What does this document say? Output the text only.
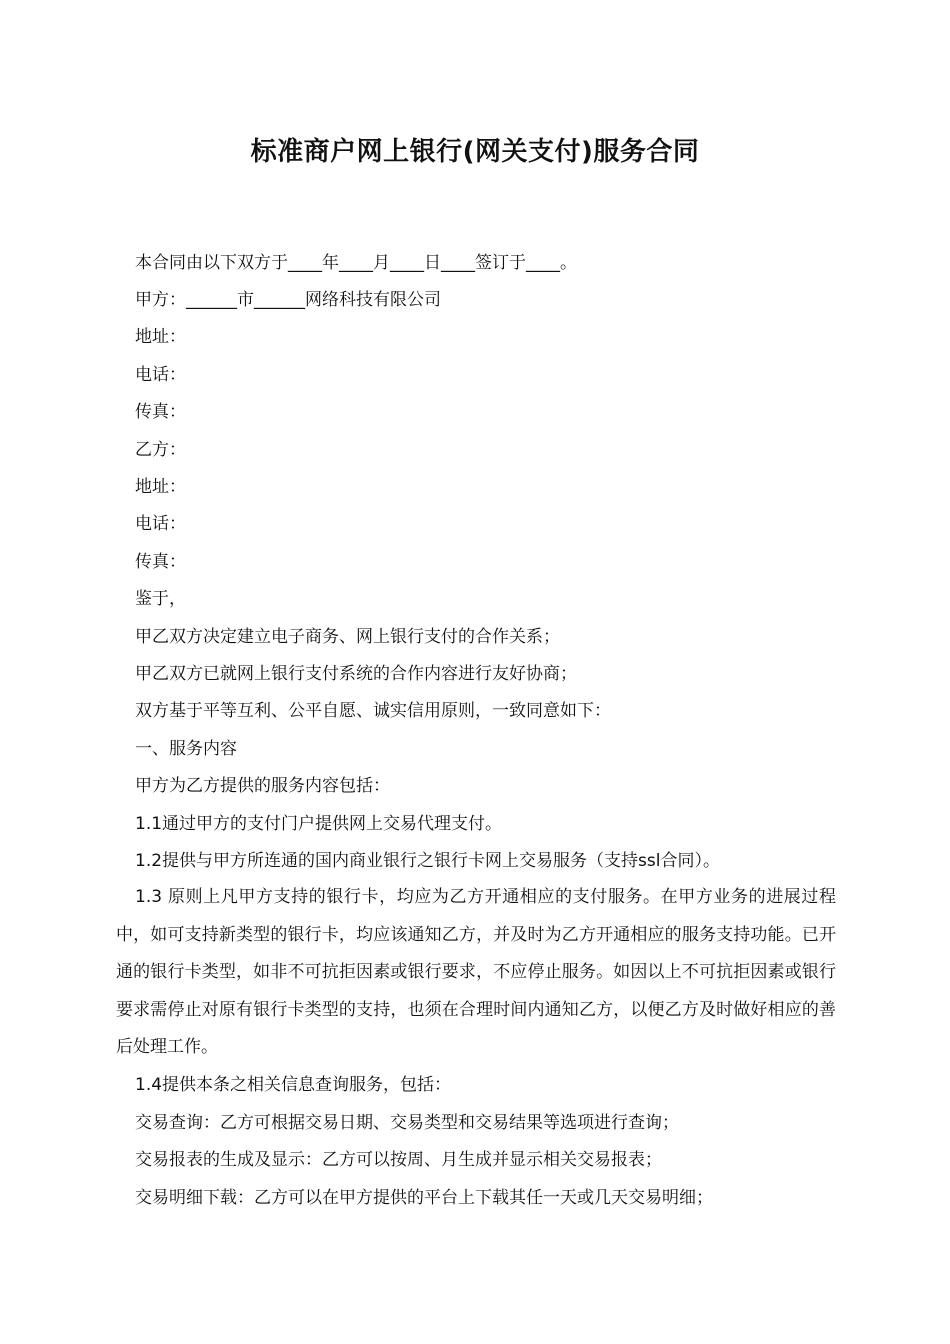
标准商户网上银行(网关支付)服务合同
本合同由以下双方于____年____月____日____签订于____。
甲方：______市______网络科技有限公司
地址：
电话：
传真：
乙方：
地址：
电话：
传真：
鉴于，
甲乙双方决定建立电子商务、网上银行支付的合作关系；
甲乙双方已就网上银行支付系统的合作内容进行友好协商；
双方基于平等互利、公平自愿、诚实信用原则，一致同意如下：
一、服务内容
甲方为乙方提供的服务内容包括：
1.1通过甲方的支付门户提供网上交易代理支付。
1.2提供与甲方所连通的国内商业银行之银行卡网上交易服务（支持ssl合同）。
1.3 原则上凡甲方支持的银行卡，均应为乙方开通相应的支付服务。在甲方业务的进展过程中，如可支持新类型的银行卡，均应该通知乙方，并及时为乙方开通相应的服务支持功能。已开通的银行卡类型，如非不可抗拒因素或银行要求，不应停止服务。如因以上不可抗拒因素或银行要求需停止对原有银行卡类型的支持，也须在合理时间内通知乙方，以便乙方及时做好相应的善后处理工作。
1.4提供本条之相关信息查询服务，包括：
交易查询：乙方可根据交易日期、交易类型和交易结果等选项进行查询；
交易报表的生成及显示：乙方可以按周、月生成并显示相关交易报表；
交易明细下载：乙方可以在甲方提供的平台上下载其任一天或几天交易明细；
